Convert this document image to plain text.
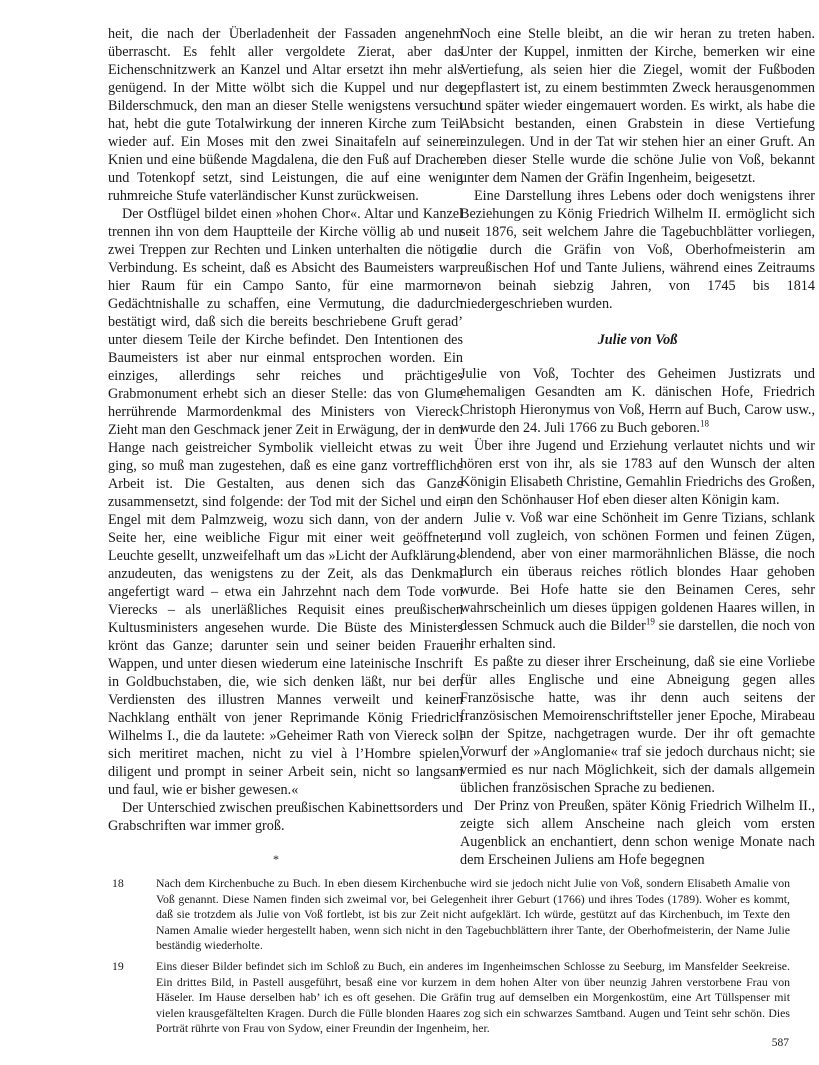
heit, die nach der Überladenheit der Fassaden angenehm überrascht. Es fehlt aller vergoldete Zierat, aber das Eichenschnitzwerk an Kanzel und Altar ersetzt ihn mehr als genügend. In der Mitte wölbt sich die Kuppel und nur der Bilderschmuck, den man an dieser Stelle wenigstens versucht hat, hebt die gute Totalwirkung der inneren Kirche zum Teil wieder auf. Ein Moses mit den zwei Sinaitafeln auf seinen Knien und eine büßende Magdalena, die den Fuß auf Drachen und Totenkopf setzt, sind Leistungen, die auf eine wenig ruhmreiche Stufe vaterländischer Kunst zurückweisen.

Der Ostflügel bildet einen »hohen Chor«. Altar und Kanzel trennen ihn von dem Hauptteile der Kirche völlig ab und nur zwei Treppen zur Rechten und Linken unterhalten die nötige Verbindung. Es scheint, daß es Absicht des Baumeisters war, hier Raum für ein Campo Santo, für eine marmorne Gedächtnishalle zu schaffen, eine Vermutung, die dadurch bestätigt wird, daß sich die bereits beschriebene Gruft gerad’ unter diesem Teile der Kirche befindet. Den Intentionen des Baumeisters ist aber nur einmal entsprochen worden. Ein einziges, allerdings sehr reiches und prächtiges Grabmonument erhebt sich an dieser Stelle: das von Glume herrührende Marmordenkmal des Ministers von Viereck. Zieht man den Geschmack jener Zeit in Erwägung, der in dem Hange nach geistreicher Symbolik vielleicht etwas zu weit ging, so muß man zugestehen, daß es eine ganz vortreffliche Arbeit ist. Die Gestalten, aus denen sich das Ganze zusammensetzt, sind folgende: der Tod mit der Sichel und ein Engel mit dem Palmzweig, wozu sich dann, von der andern Seite her, eine weibliche Figur mit einer weit geöffneten Leuchte gesellt, unzweifelhaft um das »Licht der Aufklärung« anzudeuten, das wenigstens zu der Zeit, als das Denkmal angefertigt ward – etwa ein Jahrzehnt nach dem Tode von Vierecks – als unerläßliches Requisit eines preußischen Kultusministers angesehen wurde. Die Büste des Ministers krönt das Ganze; darunter sein und seiner beiden Frauen Wappen, und unter diesen wiederum eine lateinische Inschrift in Goldbuchstaben, die, wie sich denken läßt, nur bei den Verdiensten des illustren Mannes verweilt und keinen Nachklang enthält von jener Reprimande König Friedrich Wilhelms I., die da lautete: »Geheimer Rath von Viereck soll sich meritiret machen, nicht zu viel à l’Hombre spielen, diligent und prompt in seiner Arbeit sein, nicht so langsam und faul, wie er bisher gewesen.«

Der Unterschied zwischen preußischen Kabinettsorders und Grabschriften war immer groß.

*

Noch eine Stelle bleibt, an die wir heran zu treten haben. Unter der Kuppel, inmitten der Kirche, bemerken wir eine Vertiefung, als seien hier die Ziegel, womit der Fußboden gepflastert ist, zu einem bestimmten Zweck herausgenommen und später wieder eingemauert worden. Es wirkt, als habe die Absicht bestanden, einen Grabstein in diese Vertiefung einzulegen. Und in der Tat wir stehen hier an einer Gruft. An eben dieser Stelle wurde die schöne Julie von Voß, bekannt unter dem Namen der Gräfin Ingenheim, beigesetzt.

Eine Darstellung ihres Lebens oder doch wenigstens ihrer Beziehungen zu König Friedrich Wilhelm II. ermöglicht sich seit 1876, seit welchem Jahre die Tagebuchblätter vorliegen, die durch die Gräfin von Voß, Oberhofmeisterin am preußischen Hof und Tante Juliens, während eines Zeitraums von beinah siebzig Jahren, von 1745 bis 1814 niedergeschrieben wurden.

Julie von Voß

Julie von Voß, Tochter des Geheimen Justizrats und ehemaligen Gesandten am K. dänischen Hofe, Friedrich Christoph Hieronymus von Voß, Herrn auf Buch, Carow usw., wurde den 24. Juli 1766 zu Buch geboren.$^{18}$

Über ihre Jugend und Erziehung verlautet nichts und wir hören erst von ihr, als sie 1783 auf den Wunsch der alten Königin Elisabeth Christine, Gemahlin Friedrichs des Großen, an den Schönhauser Hof eben dieser alten Königin kam.

Julie v. Voß war eine Schönheit im Genre Tizians, schlank und voll zugleich, von schönen Formen und feinen Zügen, blendend, aber von einer marmorähnlichen Blässe, die noch durch ein überaus reiches rötlich blondes Haar gehoben wurde. Bei Hofe hatte sie den Beinamen Ceres, sehr wahrscheinlich um dieses üppigen goldenen Haares willen, in dessen Schmuck auch die Bilder$^{19}$ sie darstellen, die noch von ihr erhalten sind.

Es paßte zu dieser ihrer Erscheinung, daß sie eine Vorliebe für alles Englische und eine Abneigung gegen alles Französische hatte, was ihr denn auch seitens der französischen Memoirenschriftsteller jener Epoche, Mirabeau an der Spitze, nachgetragen wurde. Der ihr oft gemachte Vorwurf der »Anglomanie« traf sie jedoch durchaus nicht; sie vermied es nur nach Möglichkeit, sich der damals allgemein üblichen französischen Sprache zu bedienen.

Der Prinz von Preußen, später König Friedrich Wilhelm II., zeigte sich allem Anscheine nach gleich vom ersten Augenblick an enchantiert, denn schon wenige Monate nach dem Erscheinen Juliens am Hofe begegnen

18	Nach dem Kirchenbuche zu Buch. In eben diesem Kirchenbuche wird sie jedoch nicht Julie von Voß, sondern Elisabeth Amalie von Voß genannt. Diese Namen finden sich zweimal vor, bei Gelegenheit ihrer Geburt (1766) und ihres Todes (1789). Woher es kommt, daß sie trotzdem als Julie von Voß fortlebt, ist bis zur Zeit nicht aufgeklärt. Ich würde, gestützt auf das Kirchenbuch, im Texte den Namen Amalie wieder hergestellt haben, wenn sich nicht in den Tagebuchblättern ihrer Tante, der Oberhofmeisterin, der Name Julie beständig wiederholte.
19	Eins dieser Bilder befindet sich im Schloß zu Buch, ein anderes im Ingenheimschen Schlosse zu Seeburg, im Mansfelder Seekreise. Ein drittes Bild, in Pastell ausgeführt, besaß eine vor kurzem in dem hohen Alter von über neunzig Jahren verstorbene Frau von Häseler. Im Hause derselben hab’ ich es oft gesehen. Die Gräfin trug auf demselben ein Morgenkostüm, eine Art Tüllspenser mit vielen krausgefältelten Kragen. Durch die Fülle blonden Haares zog sich ein schwarzes Samtband. Augen und Teint sehr schön. Dies Porträt rührte von Frau von Sydow, einer Freundin der Ingenheim, her.
587
